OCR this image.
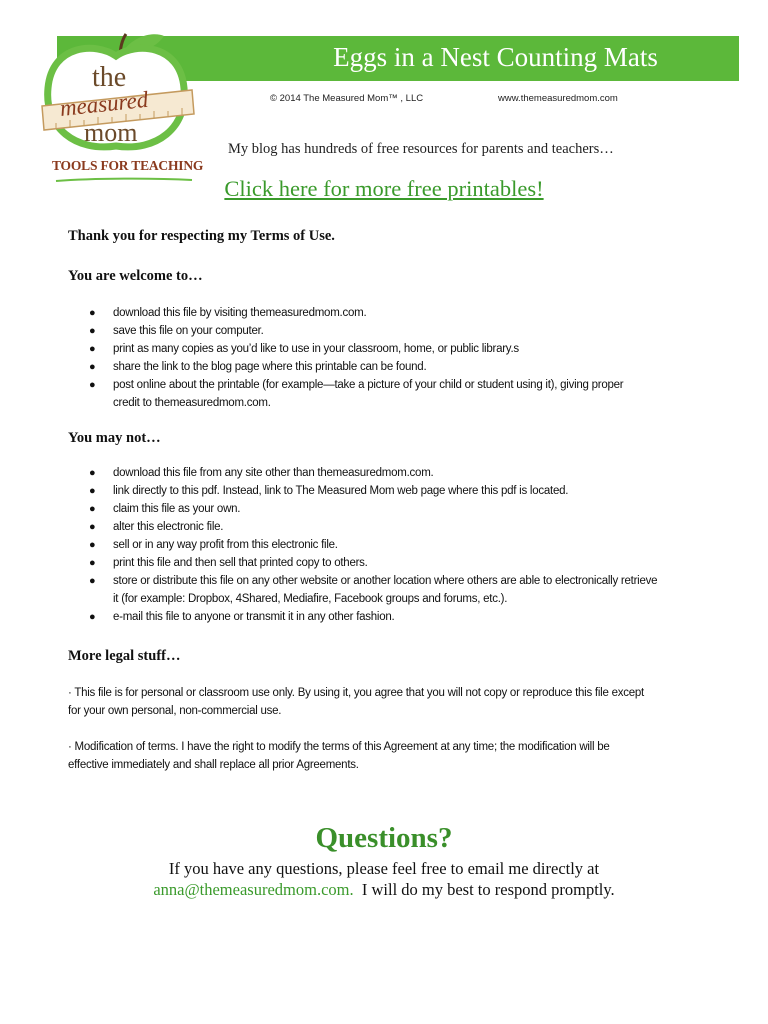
Eggs in a Nest Counting Mats
the
measured
mom
TOOLS FOR TEACHING
© 2014 The Measured Mom™ , LLC	www.themeasuredmom.com
My blog has hundreds of free resources for parents and teachers…
Click here for more free printables!

Thank you for respecting my Terms of Use.

You are welcome to…

● download this file by visiting themeasuredmom.com.
● save this file on your computer.
● print as many copies as you’d like to use in your classroom, home, or public library.s
● share the link to the blog page where this printable can be found.
● post online about the printable (for example—take a picture of your child or student using it), giving proper credit to themeasuredmom.com.

You may not…

● download this file from any site other than themeasuredmom.com.
● link directly to this pdf. Instead, link to The Measured Mom web page where this pdf is located.
● claim this file as your own.
● alter this electronic file.
● sell or in any way profit from this electronic file.
● print this file and then sell that printed copy to others.
● store or distribute this file on any other website or another location where others are able to electronically retrieve it (for example: Dropbox, 4Shared, Mediafire, Facebook groups and forums, etc.).
● e-mail this file to anyone or transmit it in any other fashion.

More legal stuff…

· This file is for personal or classroom use only. By using it, you agree that you will not copy or reproduce this file except for your own personal, non-commercial use.

· Modification of terms. I have the right to modify the terms of this Agreement at any time; the modification will be effective immediately and shall replace all prior Agreements.

Questions?

If you have any questions, please feel free to email me directly at

anna@themeasuredmom.com.  I will do my best to respond promptly.
